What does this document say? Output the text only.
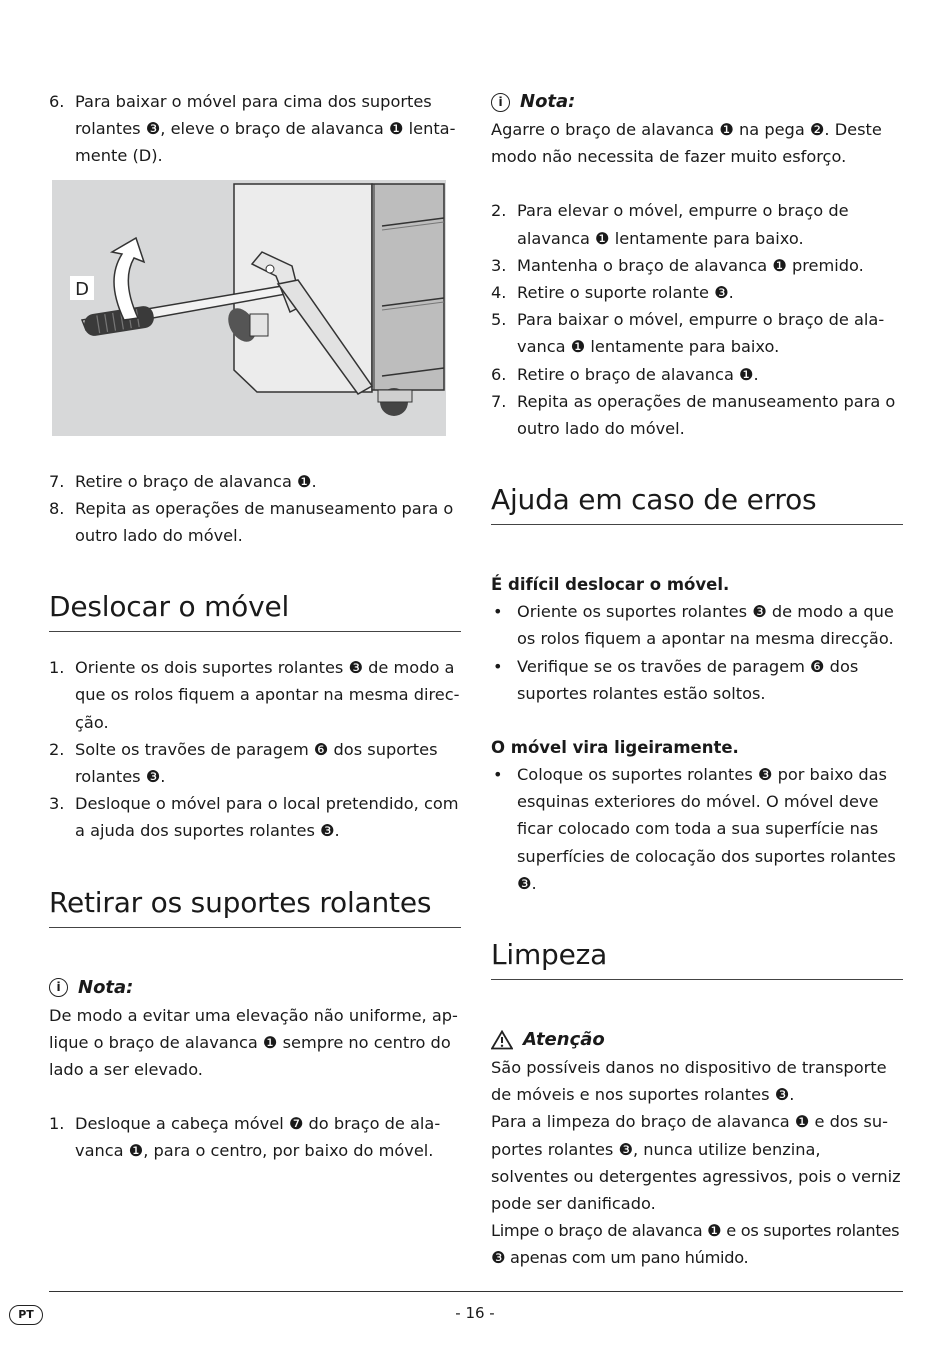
6. Para baixar o móvel para cima dos suportes rolantes ❸, eleve o braço de alavanca ❶ lenta-mente (D).
D
7. Retire o braço de alavanca ❶.
8. Repita as operações de manuseamento para o outro lado do móvel.
Deslocar o móvel
1. Oriente os dois suportes rolantes ❸ de modo a que os rolos fiquem a apontar na mesma direc-ção.
2. Solte os travões de paragem ❻ dos suportes rolantes ❸.
3. Desloque o móvel para o local pretendido, com a ajuda dos suportes rolantes ❸.
Retirar os suportes rolantes
i Nota:

De modo a evitar uma elevação não uniforme, ap-lique o braço de alavanca ❶ sempre no centro do lado a ser elevado.

1. Desloque a cabeça móvel ❼ do braço de ala-vanca ❶, para o centro, por baixo do móvel.
i Nota:

Agarre o braço de alavanca ❶ na pega ❷. Deste modo não necessita de fazer muito esforço.

2. Para elevar o móvel, empurre o braço de alavanca ❶ lentamente para baixo.
3. Mantenha o braço de alavanca ❶ premido.
4. Retire o suporte rolante ❸.
5. Para baixar o móvel, empurre o braço de ala-vanca ❶ lentamente para baixo.
6. Retire o braço de alavanca ❶.
7. Repita as operações de manuseamento para o outro lado do móvel.
Ajuda em caso de erros
É difícil deslocar o móvel.
• Oriente os suportes rolantes ❸ de modo a que os rolos fiquem a apontar na mesma direcção.
• Verifique se os travões de paragem ❻ dos suportes rolantes estão soltos.
O móvel vira ligeiramente.
• Coloque os suportes rolantes ❸ por baixo das esquinas exteriores do móvel. O móvel deve ficar colocado com toda a sua superfície nas superfícies de colocação dos suportes rolantes ❸.
Limpeza
Atenção

São possíveis danos no dispositivo de transporte de móveis e nos suportes rolantes ❸.

Para a limpeza do braço de alavanca ❶ e dos su-portes rolantes ❸, nunca utilize benzina, solventes ou detergentes agressivos, pois o verniz pode ser danificado.

Limpe o braço de alavanca ❶ e os suportes rolantes ❸ apenas com um pano húmido.

PT	- 16 -
